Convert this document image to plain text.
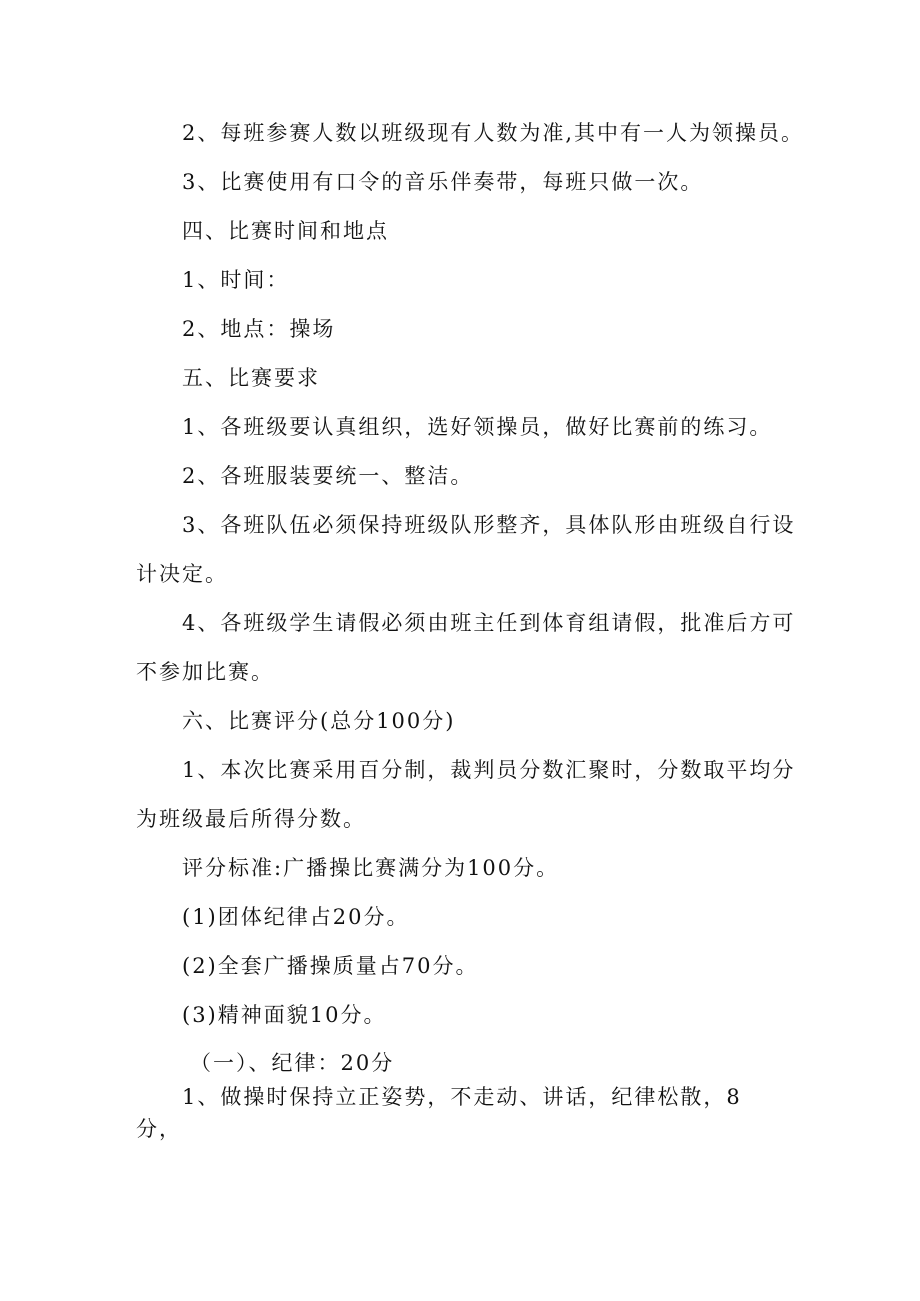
2、每班参赛人数以班级现有人数为准,其中有一人为领操员。
3、比赛使用有口令的音乐伴奏带，每班只做一次。
四、比赛时间和地点
1、时间：
2、地点：操场
五、比赛要求
1、各班级要认真组织，选好领操员，做好比赛前的练习。
2、各班服装要统一、整洁。
3、各班队伍必须保持班级队形整齐，具体队形由班级自行设
计决定。
4、各班级学生请假必须由班主任到体育组请假，批准后方可
不参加比赛。
六、比赛评分(总分100分)
1、本次比赛采用百分制，裁判员分数汇聚时，分数取平均分
为班级最后所得分数。
评分标准:广播操比赛满分为100分。
(1)团体纪律占20分。
(2)全套广播操质量占70分。
(3)精神面貌10分。
（一）、纪律：20分
1、做操时保持立正姿势，不走动、讲话，纪律松散，8
分，
